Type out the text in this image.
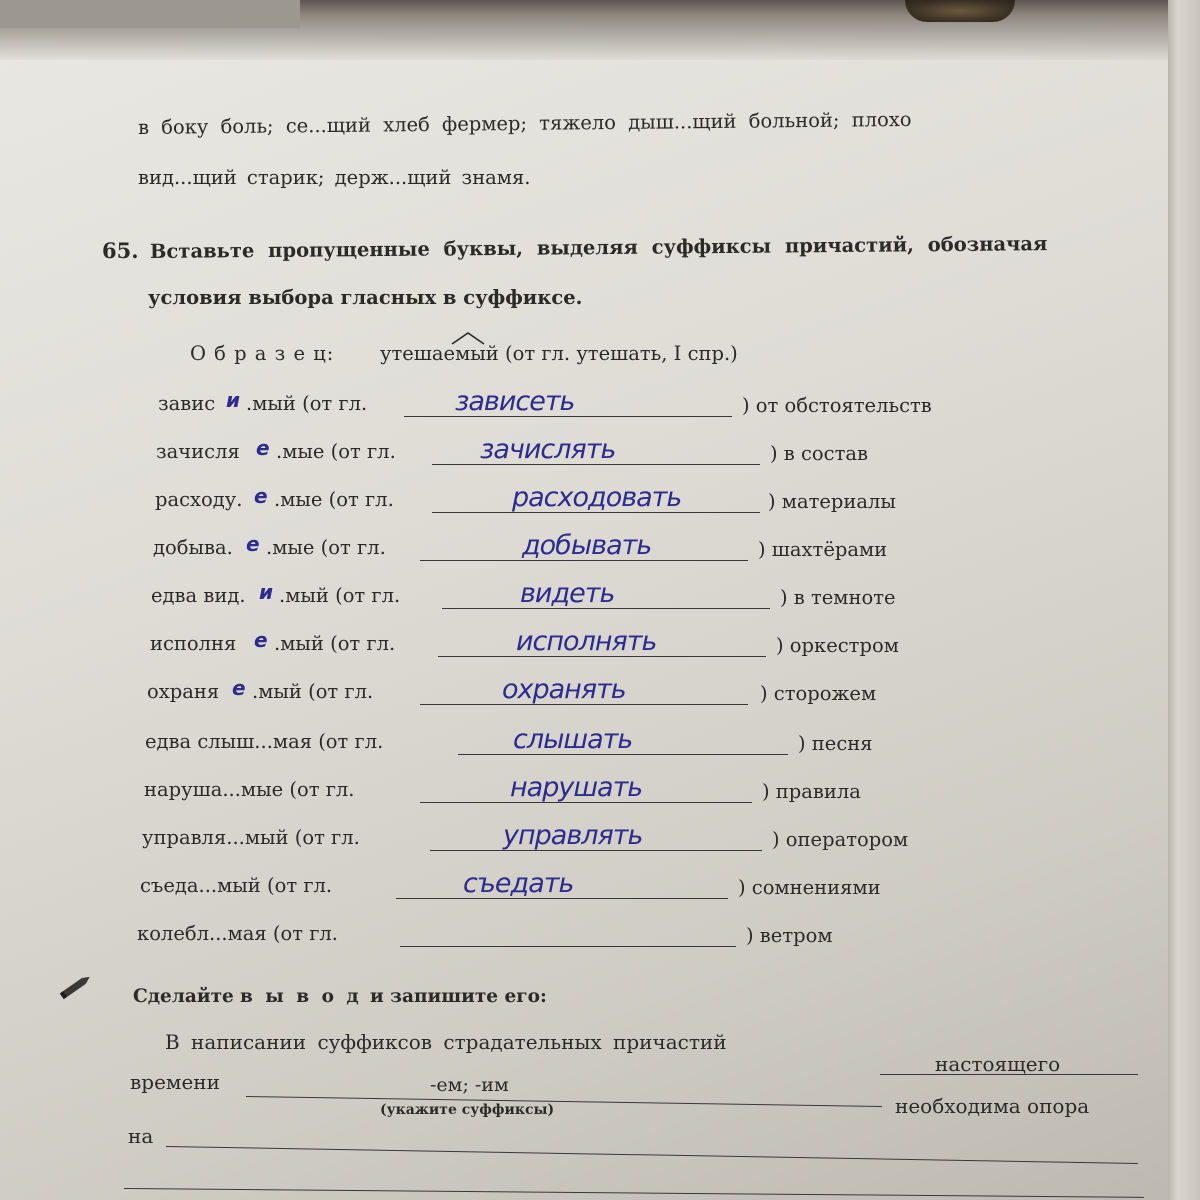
в боку боль; се...щий хлеб фермер; тяжело дыш...щий больной; плохо
вид...щий старик; держ...щий знамя.
65. Вставьте пропущенные буквы, выделяя суффиксы причастий, обозначая
условия выбора гласных в суффиксе.
О б р а з е ц: утешаемый (от гл. утешать, I спр.)
завис и .мый (от гл.	зависеть	) от обстоятельств
зачисля е .мые (от гл.	зачислять	) в состав
расходу. е .мые (от гл.	расходовать	) материалы
добыва. е .мые (от гл.	добывать	) шахтёрами
едва вид. и .мый (от гл.	видеть	) в темноте
исполня е .мый (от гл.	исполнять	) оркестром
охраня е .мый (от гл.	охранять	) сторожем
едва слыш...мая (от гл.	слышать	) песня
наруша...мые (от гл.	нарушать	) правила
управля...мый (от гл.	управлять	) оператором
съеда...мый (от гл.	съедать	) сомнениями
колебл...мая (от гл.	) ветром
Сделайте в ы в о д и запишите его:
В написании суффиксов страдательных причастий
настоящего
времени	-ем; -им
(укажите суффиксы)	необходима опора
на
